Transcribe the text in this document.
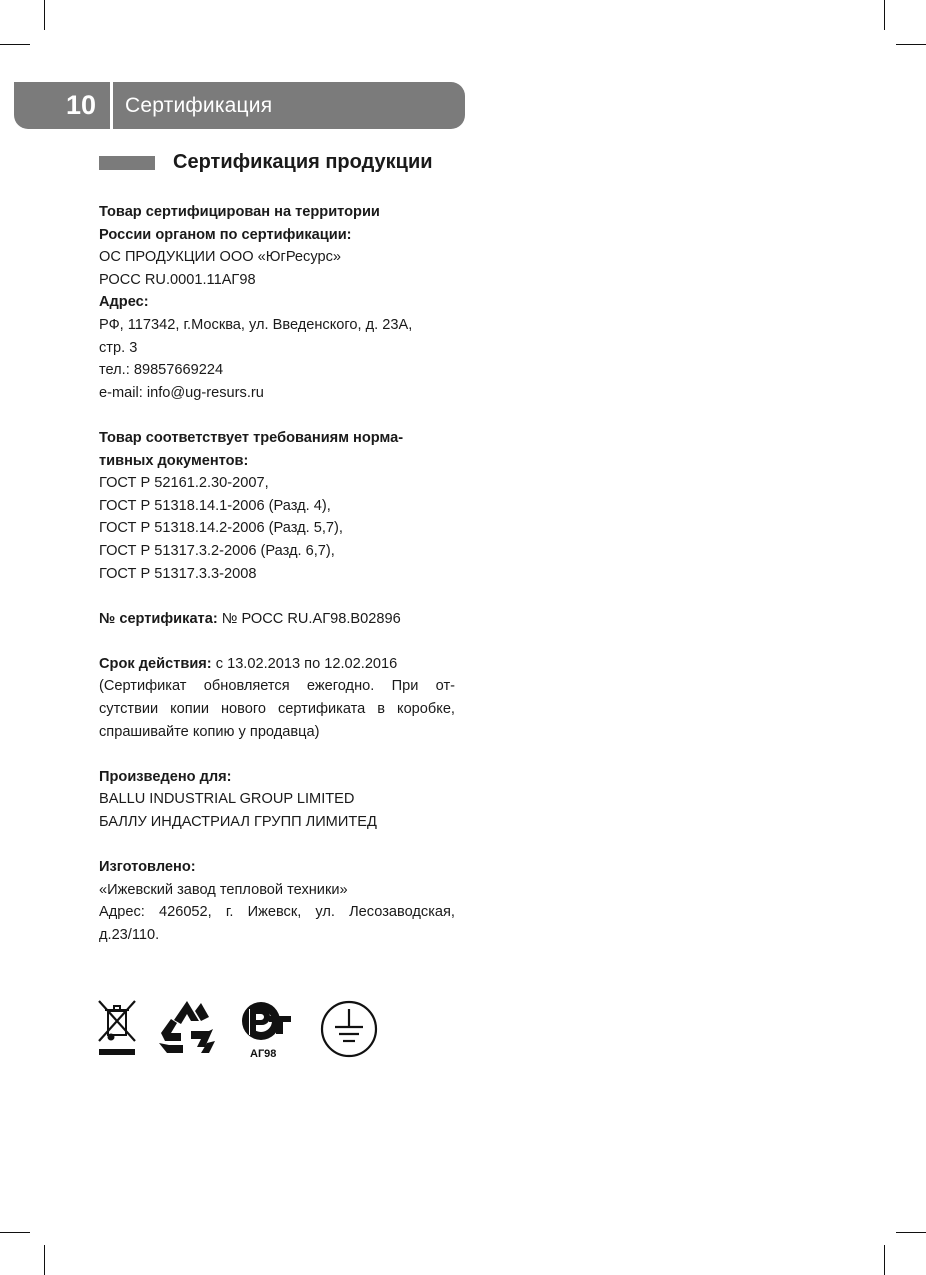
10	Сертификация
Сертификация продукции

Товар сертифицирован на территории

России органом по сертификации:

ОС ПРОДУКЦИИ ООО «ЮгРесурс»

РОСС RU.0001.11АГ98

Адрес:

РФ, 117342, г.Москва, ул. Введенского, д. 23А,

стр. 3

тел.: 89857669224

e-mail: info@ug-resurs.ru

Товар соответствует требованиям норма-

тивных документов:

ГОСТ Р 52161.2.30-2007,

ГОСТ Р 51318.14.1-2006 (Разд. 4),

ГОСТ Р 51318.14.2-2006 (Разд. 5,7),

ГОСТ Р 51317.3.2-2006 (Разд. 6,7),

ГОСТ Р 51317.3.3-2008

№ сертификата: № РОСС RU.АГ98.В02896

Срок действия: с 13.02.2013 по 12.02.2016

(Сертификат обновляется ежегодно. При от-

сутствии копии нового сертификата в коробке,

спрашивайте копию у продавца)

Произведено для:

BALLU INDUSTRIAL GROUP LIMITED

БАЛЛУ ИНДАСТРИАЛ ГРУПП ЛИМИТЕД

Изготовлено:

«Ижевский завод тепловой техники»

Адрес: 426052, г. Ижевск, ул. Лесозаводская,

д.23/110.

АГ98
